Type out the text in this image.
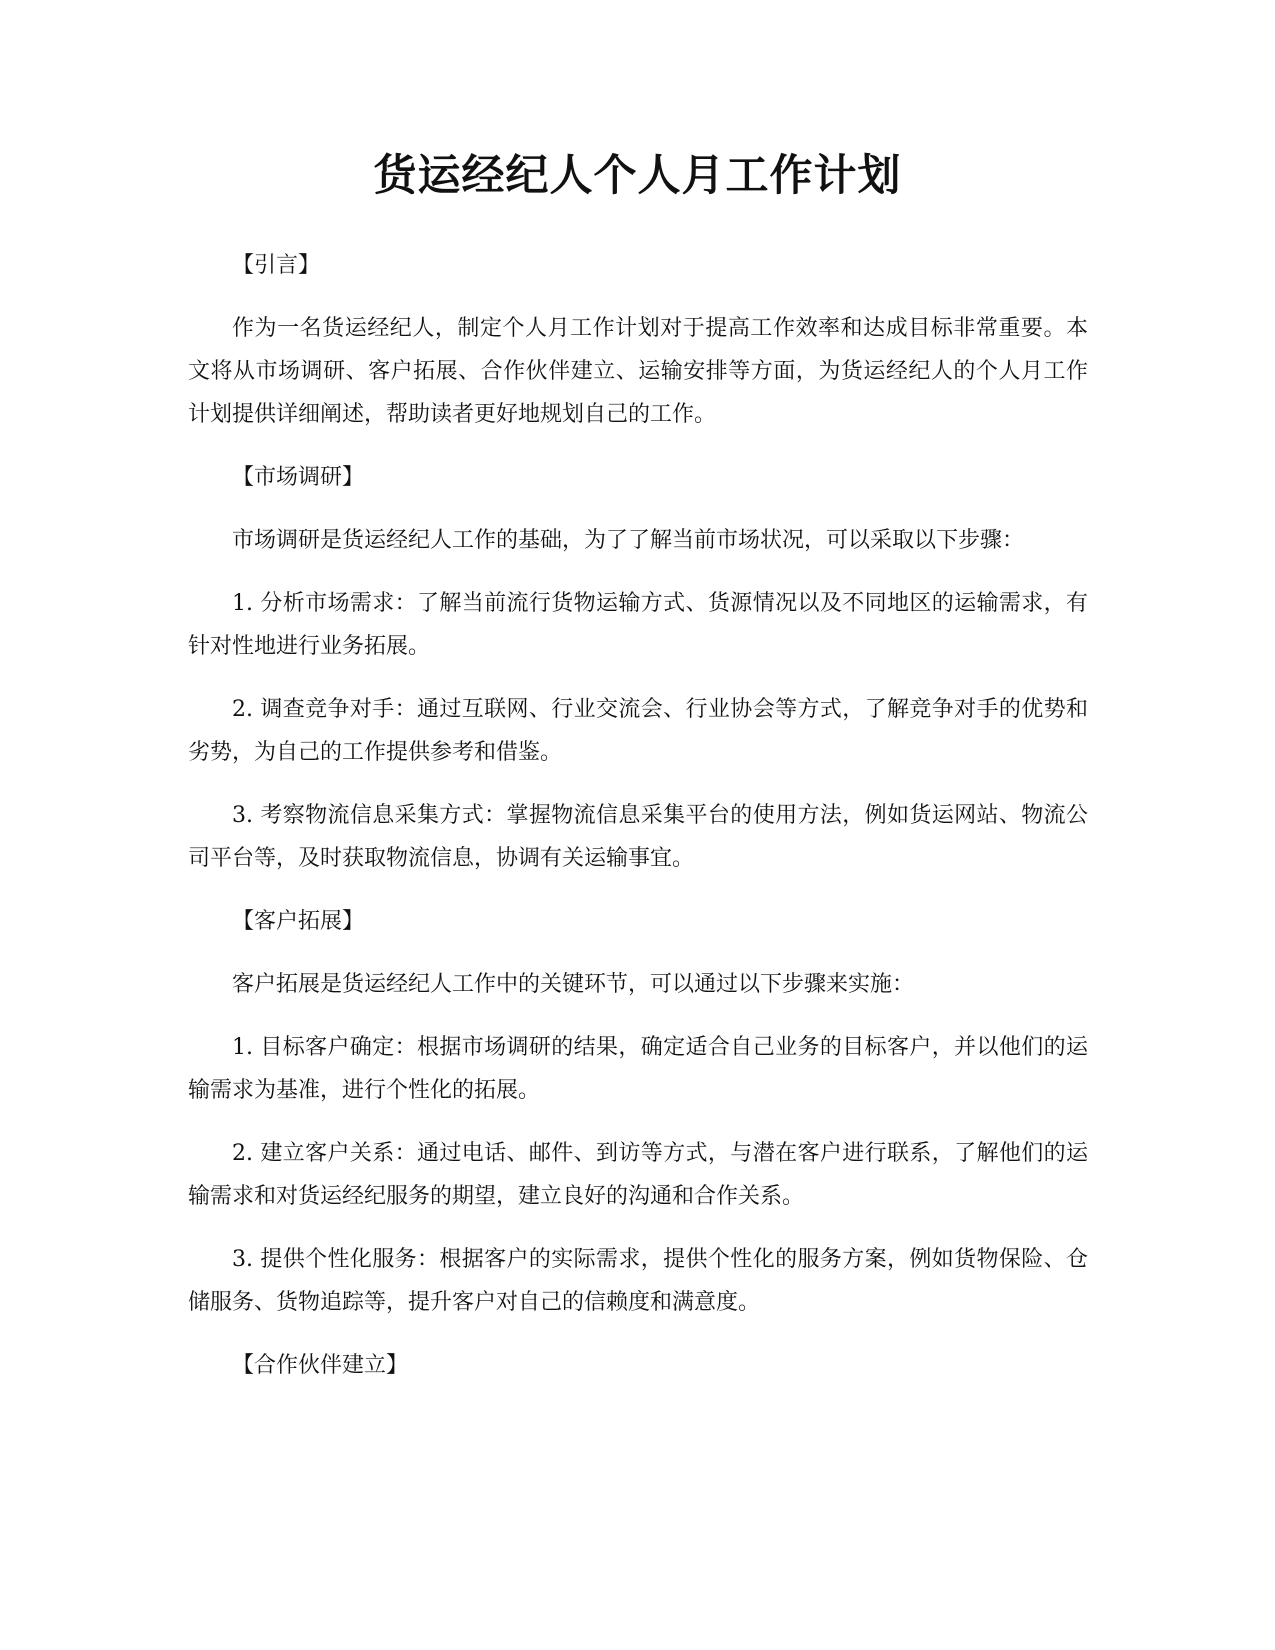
货运经纪人个人月工作计划

【引言】

作为一名货运经纪人，制定个人月工作计划对于提高工作效率和达成目标非常重要。本文将从市场调研、客户拓展、合作伙伴建立、运输安排等方面，为货运经纪人的个人月工作计划提供详细阐述，帮助读者更好地规划自己的工作。

【市场调研】

市场调研是货运经纪人工作的基础，为了了解当前市场状况，可以采取以下步骤：

1. 分析市场需求：了解当前流行货物运输方式、货源情况以及不同地区的运输需求，有针对性地进行业务拓展。

2. 调查竞争对手：通过互联网、行业交流会、行业协会等方式，了解竞争对手的优势和劣势，为自己的工作提供参考和借鉴。

3. 考察物流信息采集方式：掌握物流信息采集平台的使用方法，例如货运网站、物流公司平台等，及时获取物流信息，协调有关运输事宜。

【客户拓展】

客户拓展是货运经纪人工作中的关键环节，可以通过以下步骤来实施：

1. 目标客户确定：根据市场调研的结果，确定适合自己业务的目标客户，并以他们的运输需求为基准，进行个性化的拓展。

2. 建立客户关系：通过电话、邮件、到访等方式，与潜在客户进行联系，了解他们的运输需求和对货运经纪服务的期望，建立良好的沟通和合作关系。

3. 提供个性化服务：根据客户的实际需求，提供个性化的服务方案，例如货物保险、仓储服务、货物追踪等，提升客户对自己的信赖度和满意度。

【合作伙伴建立】
